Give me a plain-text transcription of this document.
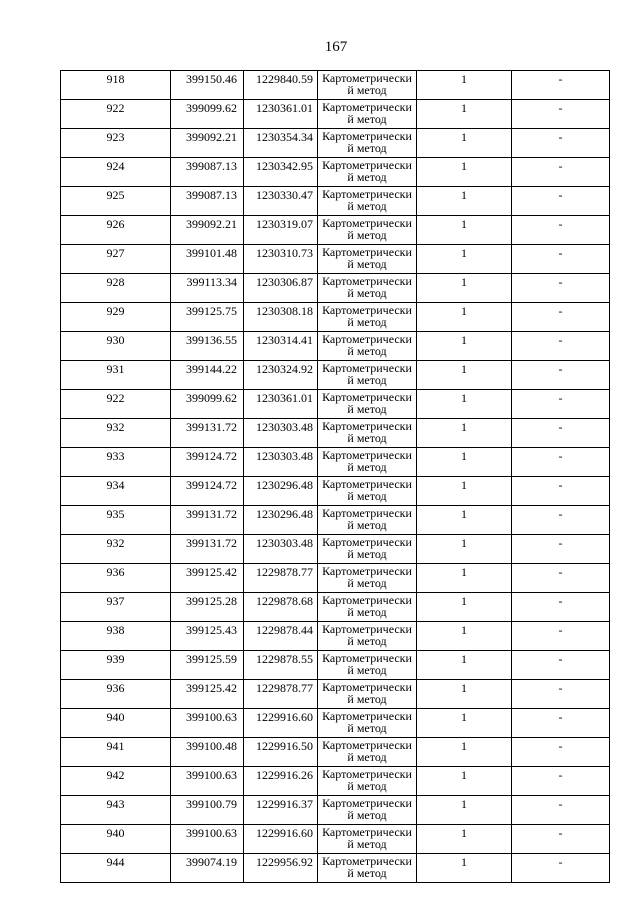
167
918	399150.46	1229840.59	Картометрически й метод	1	-
922	399099.62	1230361.01	Картометрически й метод	1	-
923	399092.21	1230354.34	Картометрически й метод	1	-
924	399087.13	1230342.95	Картометрически й метод	1	-
925	399087.13	1230330.47	Картометрически й метод	1	-
926	399092.21	1230319.07	Картометрически й метод	1	-
927	399101.48	1230310.73	Картометрически й метод	1	-
928	399113.34	1230306.87	Картометрически й метод	1	-
929	399125.75	1230308.18	Картометрически й метод	1	-
930	399136.55	1230314.41	Картометрически й метод	1	-
931	399144.22	1230324.92	Картометрически й метод	1	-
922	399099.62	1230361.01	Картометрически й метод	1	-
932	399131.72	1230303.48	Картометрически й метод	1	-
933	399124.72	1230303.48	Картометрически й метод	1	-
934	399124.72	1230296.48	Картометрически й метод	1	-
935	399131.72	1230296.48	Картометрически й метод	1	-
932	399131.72	1230303.48	Картометрически й метод	1	-
936	399125.42	1229878.77	Картометрически й метод	1	-
937	399125.28	1229878.68	Картометрически й метод	1	-
938	399125.43	1229878.44	Картометрически й метод	1	-
939	399125.59	1229878.55	Картометрически й метод	1	-
936	399125.42	1229878.77	Картометрически й метод	1	-
940	399100.63	1229916.60	Картометрически й метод	1	-
941	399100.48	1229916.50	Картометрически й метод	1	-
942	399100.63	1229916.26	Картометрически й метод	1	-
943	399100.79	1229916.37	Картометрически й метод	1	-
940	399100.63	1229916.60	Картометрически й метод	1	-
944	399074.19	1229956.92	Картометрически й метод	1	-
